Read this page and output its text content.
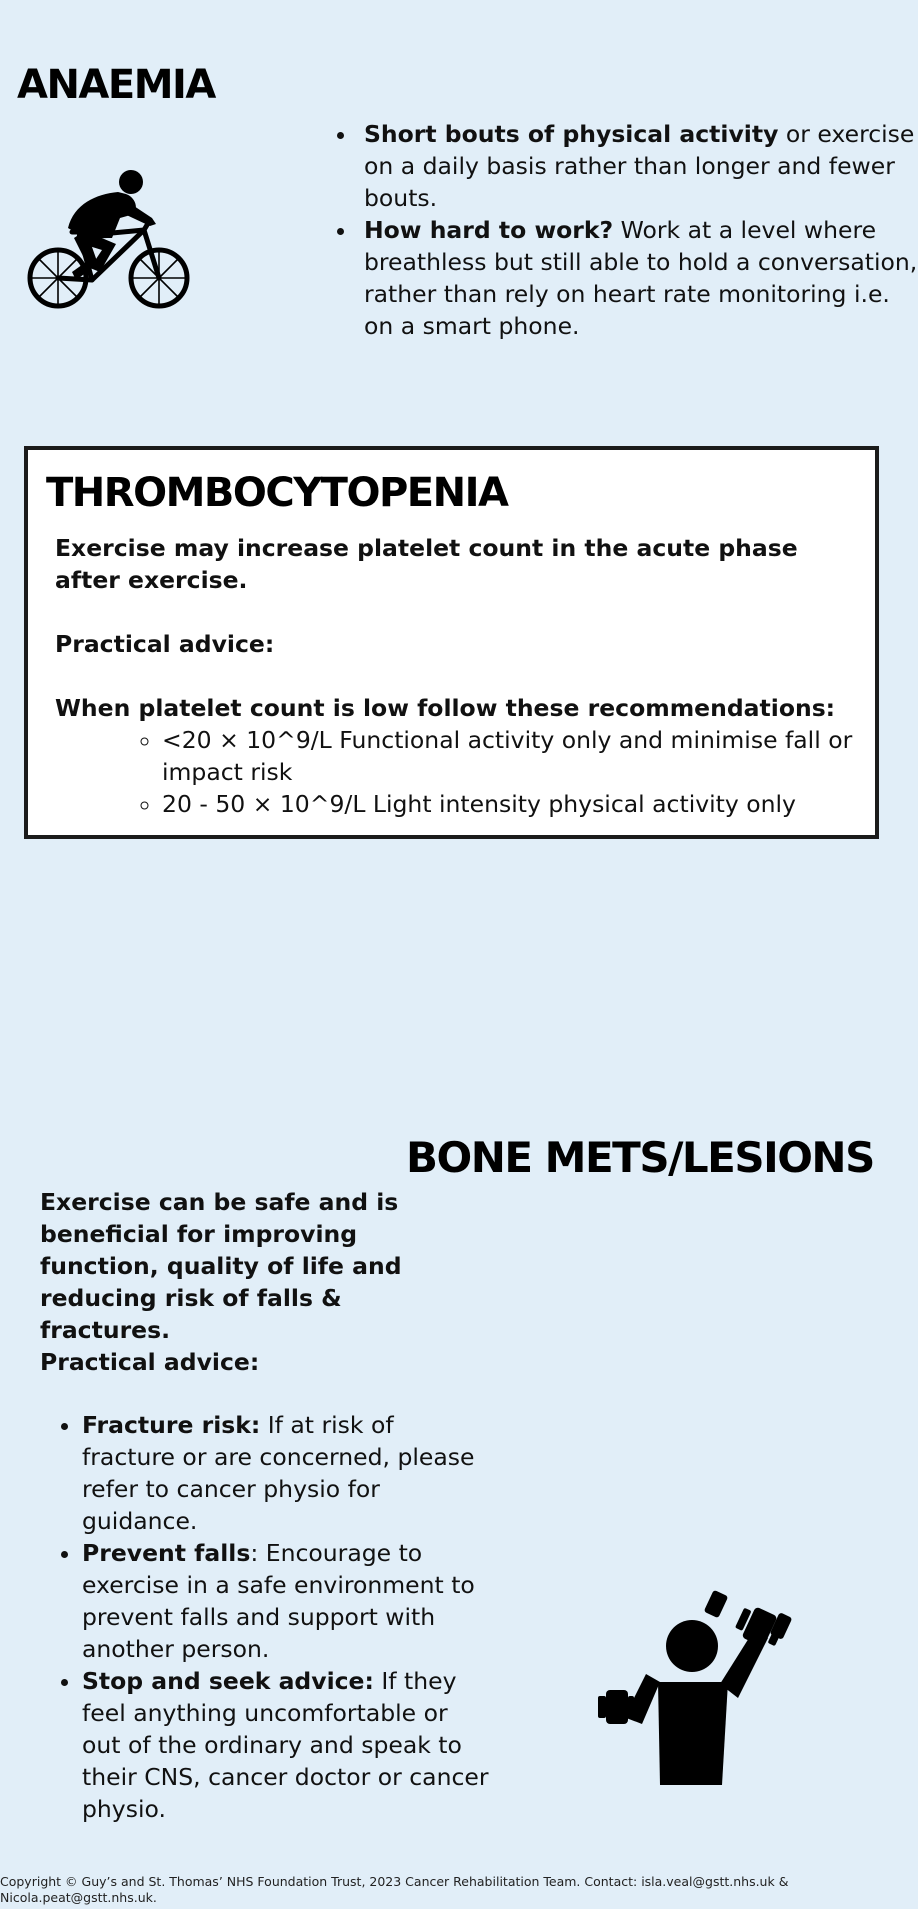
ANAEMIA
• Short bouts of physical activity or exercise on a daily basis rather than longer and fewer bouts.
• How hard to work? Work at a level where breathless but still able to hold a conversation, rather than rely on heart rate monitoring i.e. on a smart phone.
THROMBOCYTOPENIA
Exercise may increase platelet count in the acute phase after exercise.
Practical advice:
When platelet count is low follow these recommendations:
◦ <20 × 10^9/L Functional activity only and minimise fall or impact risk
◦ 20 - 50 × 10^9/L Light intensity physical activity only
BONE METS/LESIONS
Exercise can be safe and is beneficial for improving function, quality of life and reducing risk of falls & fractures.
Practical advice:
• Fracture risk: If at risk of fracture or are concerned, please refer to cancer physio for guidance.
• Prevent falls: Encourage to exercise in a safe environment to prevent falls and support with another person.
• Stop and seek advice: If they feel anything uncomfortable or out of the ordinary and speak to their CNS, cancer doctor or cancer physio.
Copyright © Guy’s and St. Thomas’ NHS Foundation Trust, 2023 Cancer Rehabilitation Team. Contact: isla.veal@gstt.nhs.uk & Nicola.peat@gstt.nhs.uk.
